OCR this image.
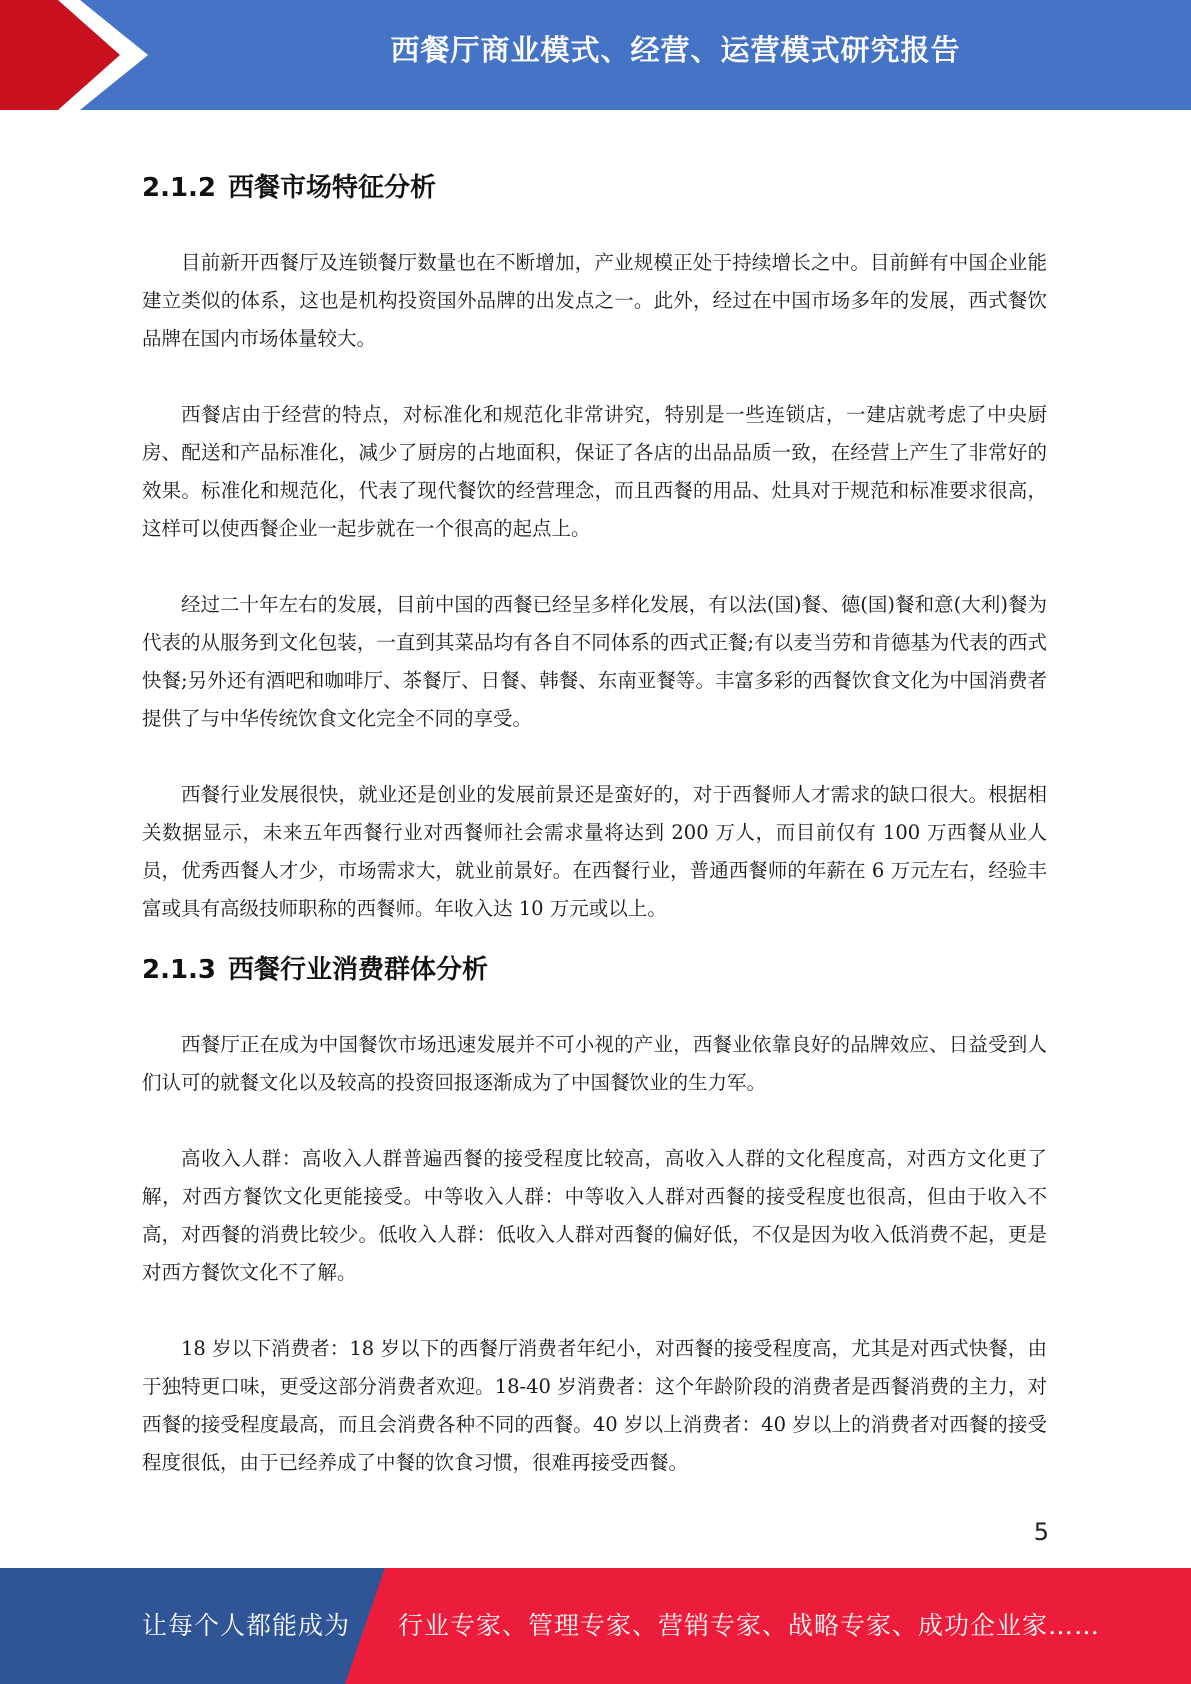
西餐厅商业模式、经营、运营模式研究报告
2.1.2 西餐市场特征分析

目前新开西餐厅及连锁餐厅数量也在不断增加，产业规模正处于持续增长之中。目前鲜有中国企业能建立类似的体系，这也是机构投资国外品牌的出发点之一。此外，经过在中国市场多年的发展，西式餐饮品牌在国内市场体量较大。

西餐店由于经营的特点，对标准化和规范化非常讲究，特别是一些连锁店，一建店就考虑了中央厨房、配送和产品标准化，减少了厨房的占地面积，保证了各店的出品品质一致，在经营上产生了非常好的效果。标准化和规范化，代表了现代餐饮的经营理念，而且西餐的用品、灶具对于规范和标准要求很高，这样可以使西餐企业一起步就在一个很高的起点上。

经过二十年左右的发展，目前中国的西餐已经呈多样化发展，有以法(国)餐、德(国)餐和意(大利)餐为代表的从服务到文化包装，一直到其菜品均有各自不同体系的西式正餐;有以麦当劳和肯德基为代表的西式快餐;另外还有酒吧和咖啡厅、茶餐厅、日餐、韩餐、东南亚餐等。丰富多彩的西餐饮食文化为中国消费者提供了与中华传统饮食文化完全不同的享受。

西餐行业发展很快，就业还是创业的发展前景还是蛮好的，对于西餐师人才需求的缺口很大。根据相关数据显示，未来五年西餐行业对西餐师社会需求量将达到 200 万人，而目前仅有 100 万西餐从业人员，优秀西餐人才少，市场需求大，就业前景好。在西餐行业，普通西餐师的年薪在 6 万元左右，经验丰富或具有高级技师职称的西餐师。年收入达 10 万元或以上。

2.1.3 西餐行业消费群体分析

西餐厅正在成为中国餐饮市场迅速发展并不可小视的产业，西餐业依靠良好的品牌效应、日益受到人们认可的就餐文化以及较高的投资回报逐渐成为了中国餐饮业的生力军。

高收入人群：高收入人群普遍西餐的接受程度比较高，高收入人群的文化程度高，对西方文化更了解，对西方餐饮文化更能接受。中等收入人群：中等收入人群对西餐的接受程度也很高，但由于收入不高，对西餐的消费比较少。低收入人群：低收入人群对西餐的偏好低，不仅是因为收入低消费不起，更是对西方餐饮文化不了解。

18 岁以下消费者：18 岁以下的西餐厅消费者年纪小，对西餐的接受程度高，尤其是对西式快餐，由于独特更口味，更受这部分消费者欢迎。18-40 岁消费者：这个年龄阶段的消费者是西餐消费的主力，对西餐的接受程度最高，而且会消费各种不同的西餐。40 岁以上消费者：40 岁以上的消费者对西餐的接受程度很低，由于已经养成了中餐的饮食习惯，很难再接受西餐。

5
让每个人都能成为 行业专家、管理专家、营销专家、战略专家、成功企业家……
